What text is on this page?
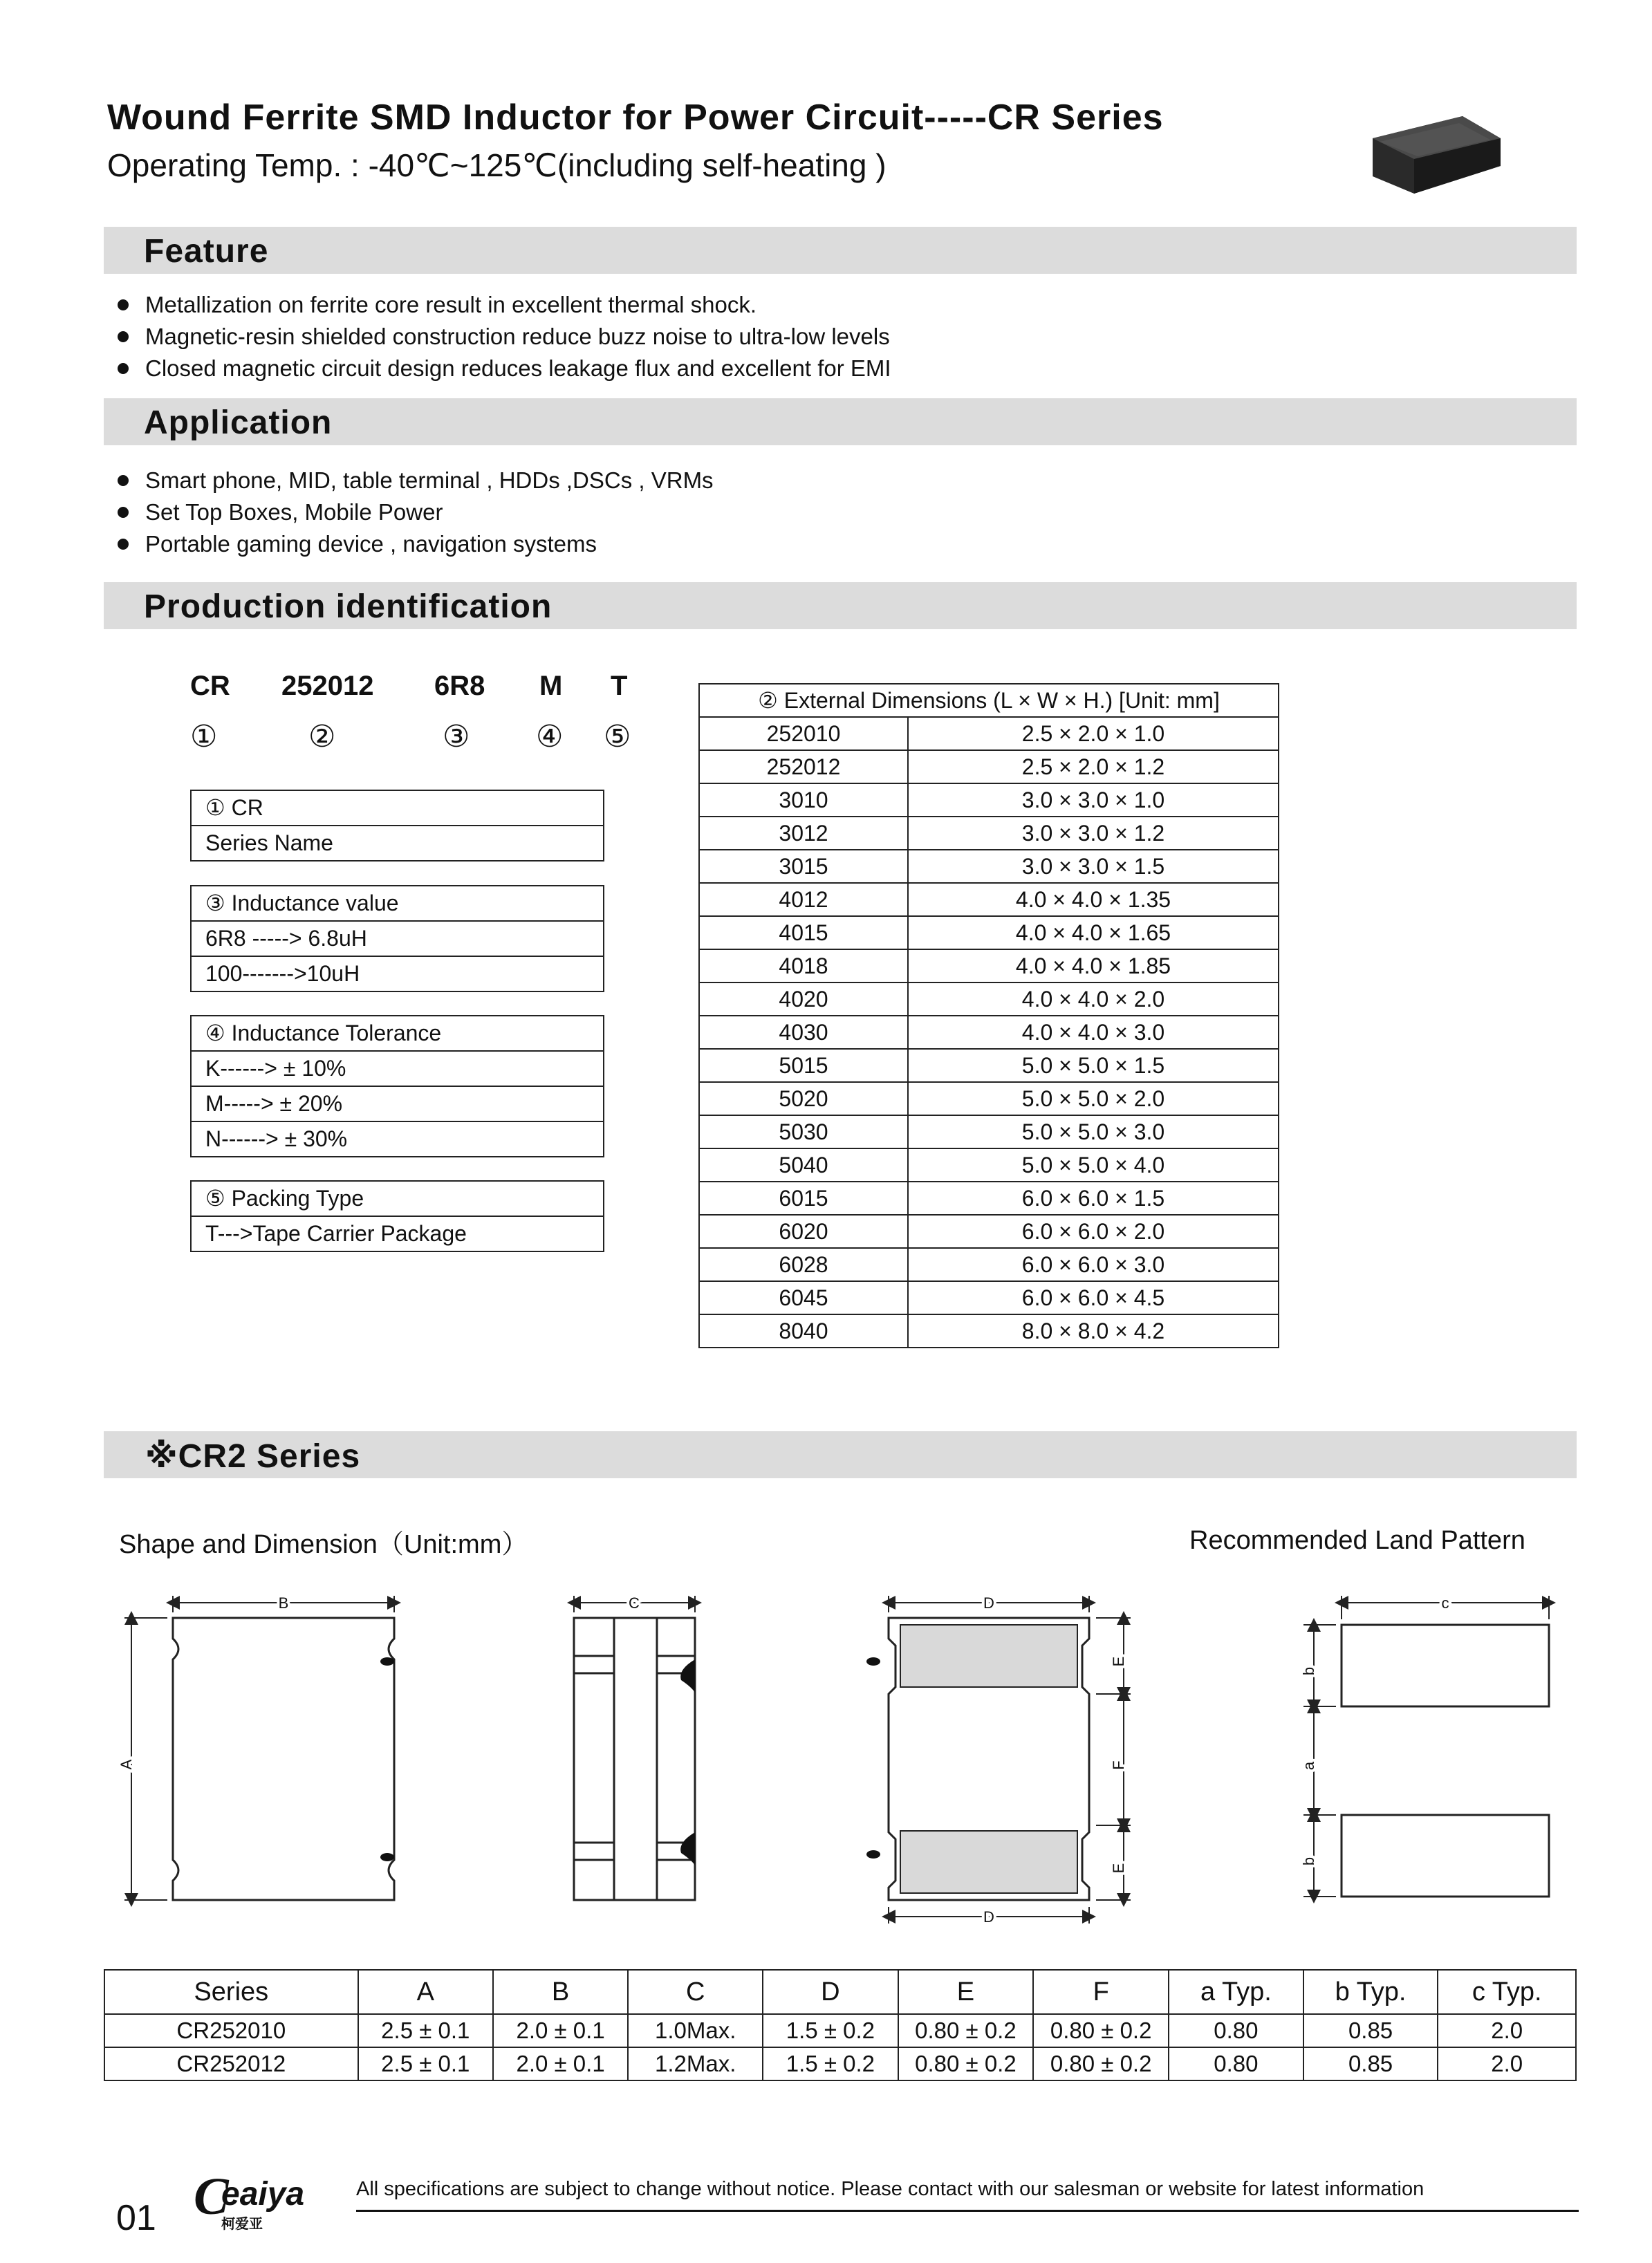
Wound Ferrite SMD Inductor for Power Circuit-----CR Series
Operating Temp. : -40℃~125℃(including self-heating )
Feature
Metallization on ferrite core result in excellent thermal shock.
Magnetic-resin shielded construction reduce buzz noise to ultra-low levels
Closed magnetic circuit design reduces leakage flux and excellent for EMI
Application
Smart phone, MID, table terminal , HDDs ,DSCs , VRMs
Set Top Boxes, Mobile Power
Portable gaming device , navigation systems
Production identification
CR 252012 6R8 M T
①	②	③ ④ ⑤
① CR
Series Name
③ Inductance value
6R8 -----> 6.8uH
100------->10uH
④ Inductance Tolerance
K------> ± 10%
M-----> ± 20%
N------> ± 30%
⑤ Packing Type
T--->Tape Carrier Package
② External Dimensions (L × W × H.) [Unit: mm]	
252010	2.5 × 2.0 × 1.0
252012	2.5 × 2.0 × 1.2
3010	3.0 × 3.0 × 1.0
3012	3.0 × 3.0 × 1.2
3015	3.0 × 3.0 × 1.5
4012	4.0 × 4.0 × 1.35
4015	4.0 × 4.0 × 1.65
4018	4.0 × 4.0 × 1.85
4020	4.0 × 4.0 × 2.0
4030	4.0 × 4.0 × 3.0
5015	5.0 × 5.0 × 1.5
5020	5.0 × 5.0 × 2.0
5030	5.0 × 5.0 × 3.0
5040	5.0 × 5.0 × 4.0
6015	6.0 × 6.0 × 1.5
6020	6.0 × 6.0 × 2.0
6028	6.0 × 6.0 × 3.0
6045	6.0 × 6.0 × 4.5
8040	8.0 × 8.0 × 4.2
※CR2 Series
Shape and Dimension（Unit:mm）	Recommended Land Pattern
B
A
C	D
D
E
F
E
c
b
a
b
Series	A	B	C	D	E	F	a Typ.	b Typ.	c Typ.
CR252010	2.5 ± 0.1	2.0 ± 0.1	1.0Max.	1.5 ± 0.2	0.80 ± 0.2	0.80 ± 0.2	0.80	0.85	2.0
CR252012	2.5 ± 0.1	2.0 ± 0.1	1.2Max.	1.5 ± 0.2	0.80 ± 0.2	0.80 ± 0.2	0.80	0.85	2.0
01 C
eaiya
柯爱亚
All specifications are subject to change without notice. Please contact with our salesman or website for latest information
